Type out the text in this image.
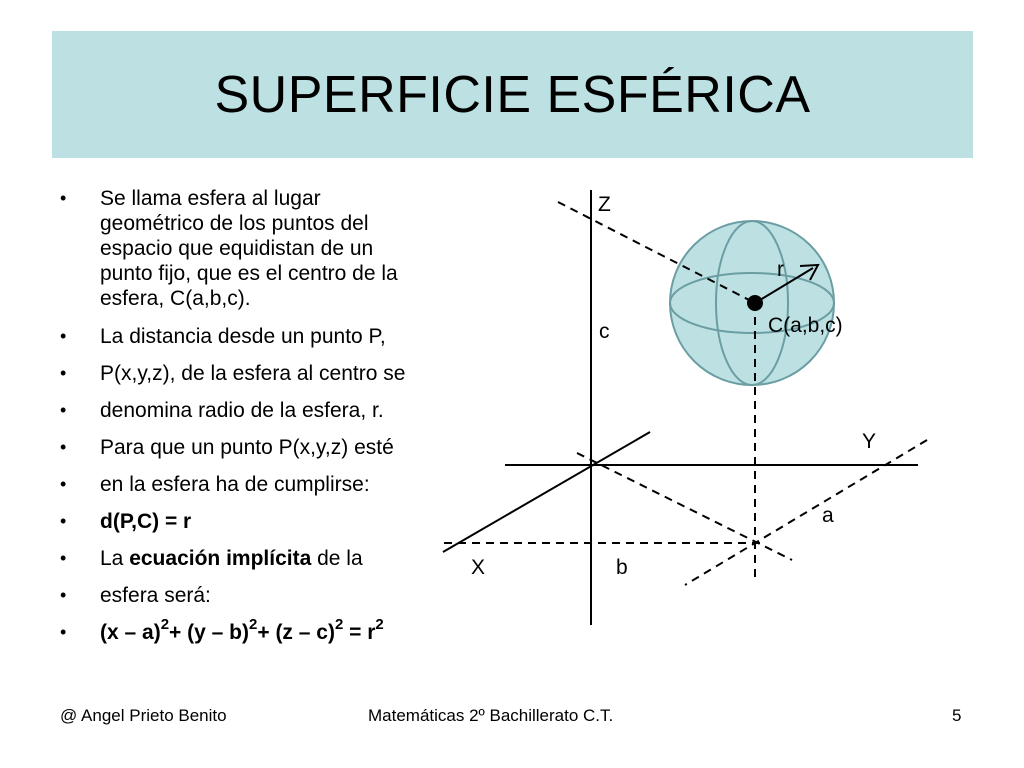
SUPERFICIE ESFÉRICA
• Se llama esfera al lugar
geométrico de los puntos del
espacio que equidistan de un
punto fijo, que es el centro de la
esfera, C(a,b,c).
• La distancia desde un punto P,
• P(x,y,z), de la esfera al centro se
• denomina radio de la esfera, r.
• Para que un punto P(x,y,z) esté
• en la esfera ha de cumplirse:
• d(P,C) = r
• La ecuación implícita de la
• esfera será:
• $(x - a)^2+ (y - b)^2+ (z - c)^2 = r^2$
Z
r
c	C(a,b,c)
Y
a
X	b
@ Angel Prieto Benito	Matemáticas 2º Bachillerato C.T.	5
